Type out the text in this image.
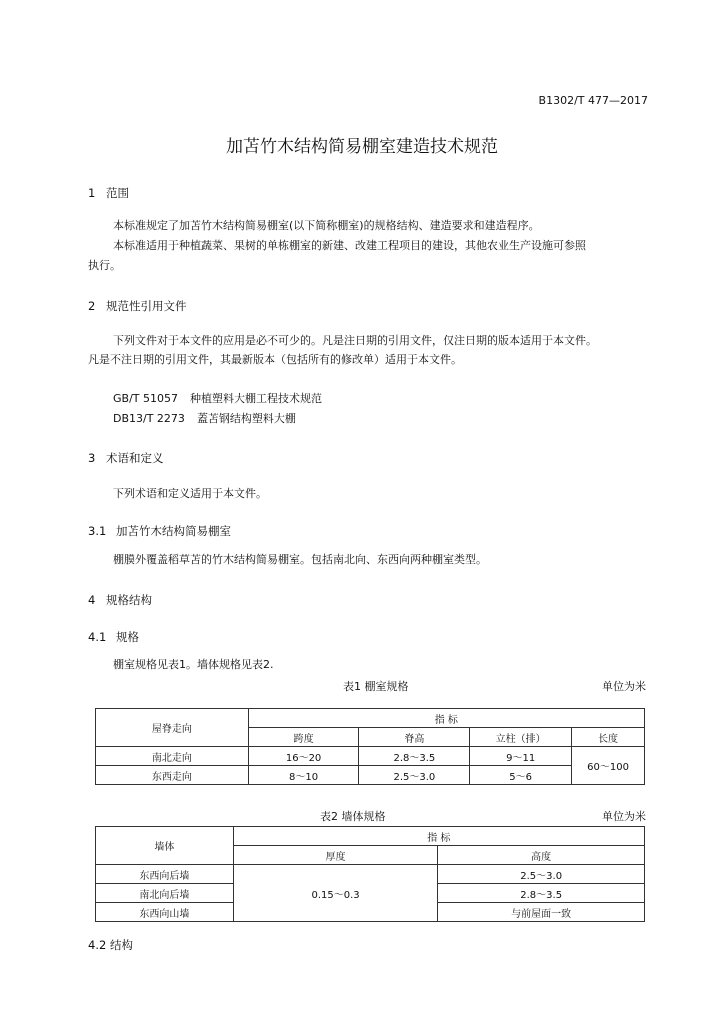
B1302/T 477—2017
加苫竹木结构简易棚室建造技术规范
1 范围
本标准规定了加苫竹木结构简易棚室(以下简称棚室)的规格结构、建造要求和建造程序。
本标准适用于种植蔬菜、果树的单栋棚室的新建、改建工程项目的建设，其他农业生产设施可参照
执行。
2 规范性引用文件
下列文件对于本文件的应用是必不可少的。凡是注日期的引用文件，仅注日期的版本适用于本文件。
凡是不注日期的引用文件，其最新版本（包括所有的修改单）适用于本文件。
GB/T 51057 种植塑料大棚工程技术规范
DB13/T 2273 蓋苫钢结构塑料大棚
3 术语和定义
下列术语和定义适用于本文件。
3.1 加苫竹木结构简易棚室
棚膜外覆盖稻草苫的竹木结构简易棚室。包括南北向、东西向两种棚室类型。
4 规格结构
4.1 规格
棚室规格见表1。墙体规格见表2.
表1 棚室规格	单位为米
屋脊走向	指 标			
	跨度	脊高	立柱（排）	长度
南北走向	16～20	2.8～3.5	9～11	60～100
东西走向	8～10	2.5～3.0	5～6	
表2 墙体规格	单位为米
墙体	指 标	
	厚度	高度
东西向后墙	0.15～0.3	2.5～3.0
南北向后墙		2.8～3.5
东西向山墙		与前屋面一致
4.2 结构
